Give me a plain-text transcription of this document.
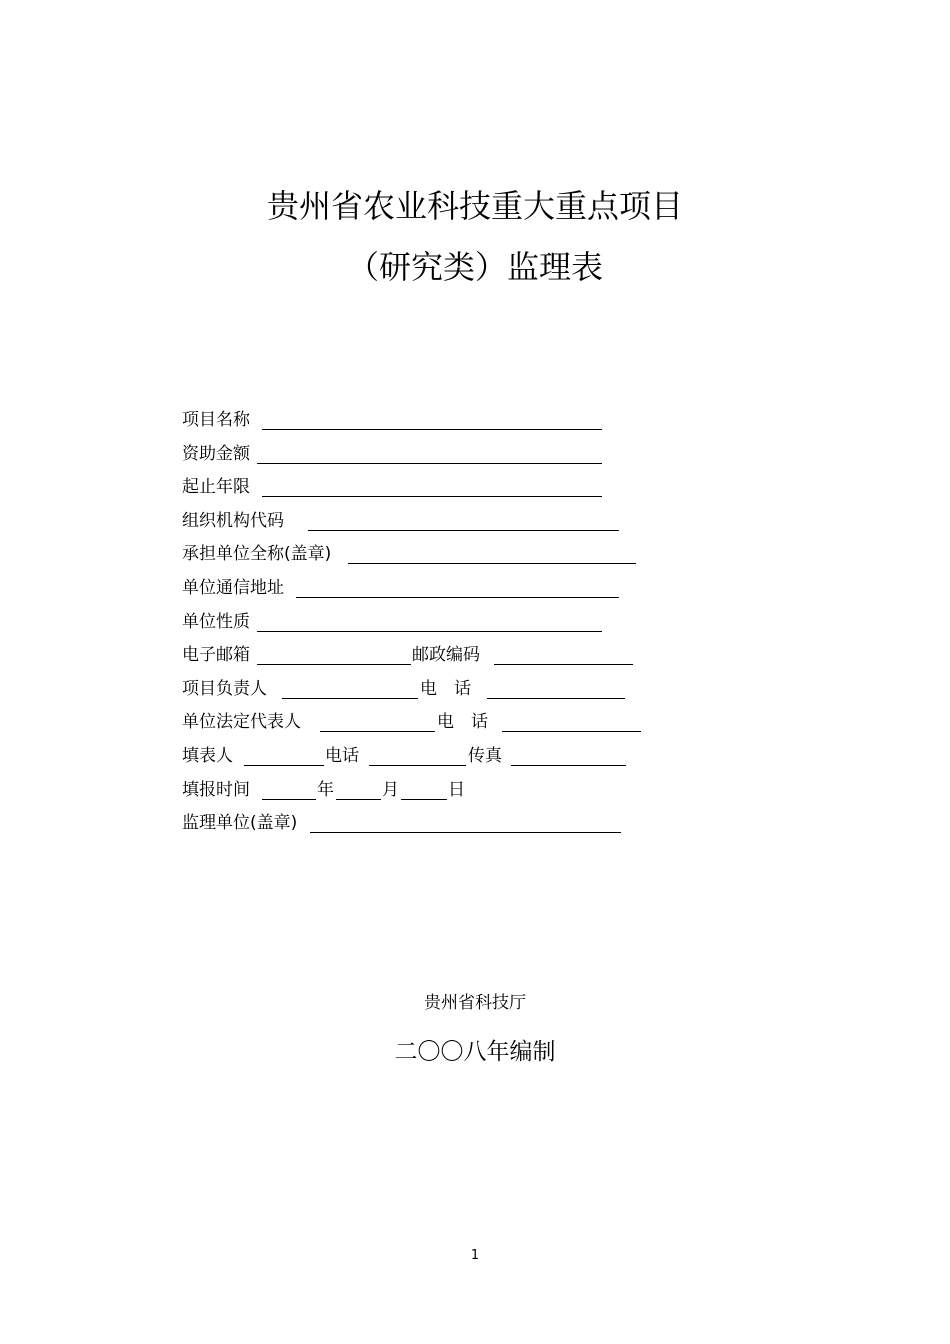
贵州省农业科技重大重点项目
（研究类）监理表
项目名称
资助金额
起止年限
组织机构代码
承担单位全称(盖章)
单位通信地址
单位性质
电子邮箱	邮政编码
项目负责人	电　话
单位法定代表人	电　话
填表人	电话	传真
填报时间	年	月	日
监理单位(盖章)
贵州省科技厅
二〇〇八年编制
1
